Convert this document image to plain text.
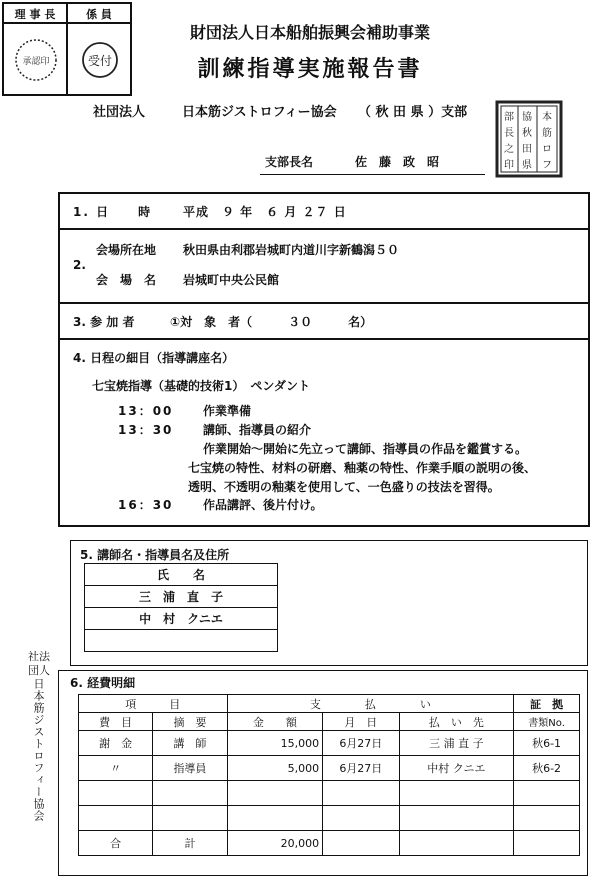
理 事 長	係 員
承認印	受付
財団法人日本船舶振興会補助事業
訓練指導実施報告書
社団法人	日本筋ジストロフィー協会 （ 秋 田 県 ）支部	部
長
之
印
協
秋
田
県
本
筋
ロ
フ
支部長名	佐　藤　政　昭
1. 日　　時	平成　９ 年　６ 月 ２７ 日
2.
会場所在地 秋田県由利郡岩城町内道川字新鶴潟５０
会　場　名 岩城町中央公民館
3. 参 加 者	①対　象　者（　　　３０　　　名）
4. 日程の細目（指導講座名）
七宝焼指導（基礎的技術1）　ペンダント
13：00 作業準備
13：30 講師、指導員の紹介
作業開始～開始に先立って講師、指導員の作品を鑑賞する。
七宝焼の特性、材料の研磨、釉薬の特性、作業手順の説明の後、
透明、不透明の釉薬を使用して、一色盛りの技法を習得。
16：30 作品講評、後片付け。
5. 講師名・指導員名及住所
氏　　名
三　浦　直　子
中　村　クニエ

6. 経費明細
項　　　目		支　　　　払　　　　い			証　拠
費　目	摘　要	金　　額	月　日	払　い　先	書類No.
謝　金	講　師	15,000	6月27日	三 浦 直 子	秋6-1
〃	指導員	5,000	6月27日	中村 クニエ	秋6-2

合	計	20,000			
社法
団人
日本筋ジストロフィー協会
